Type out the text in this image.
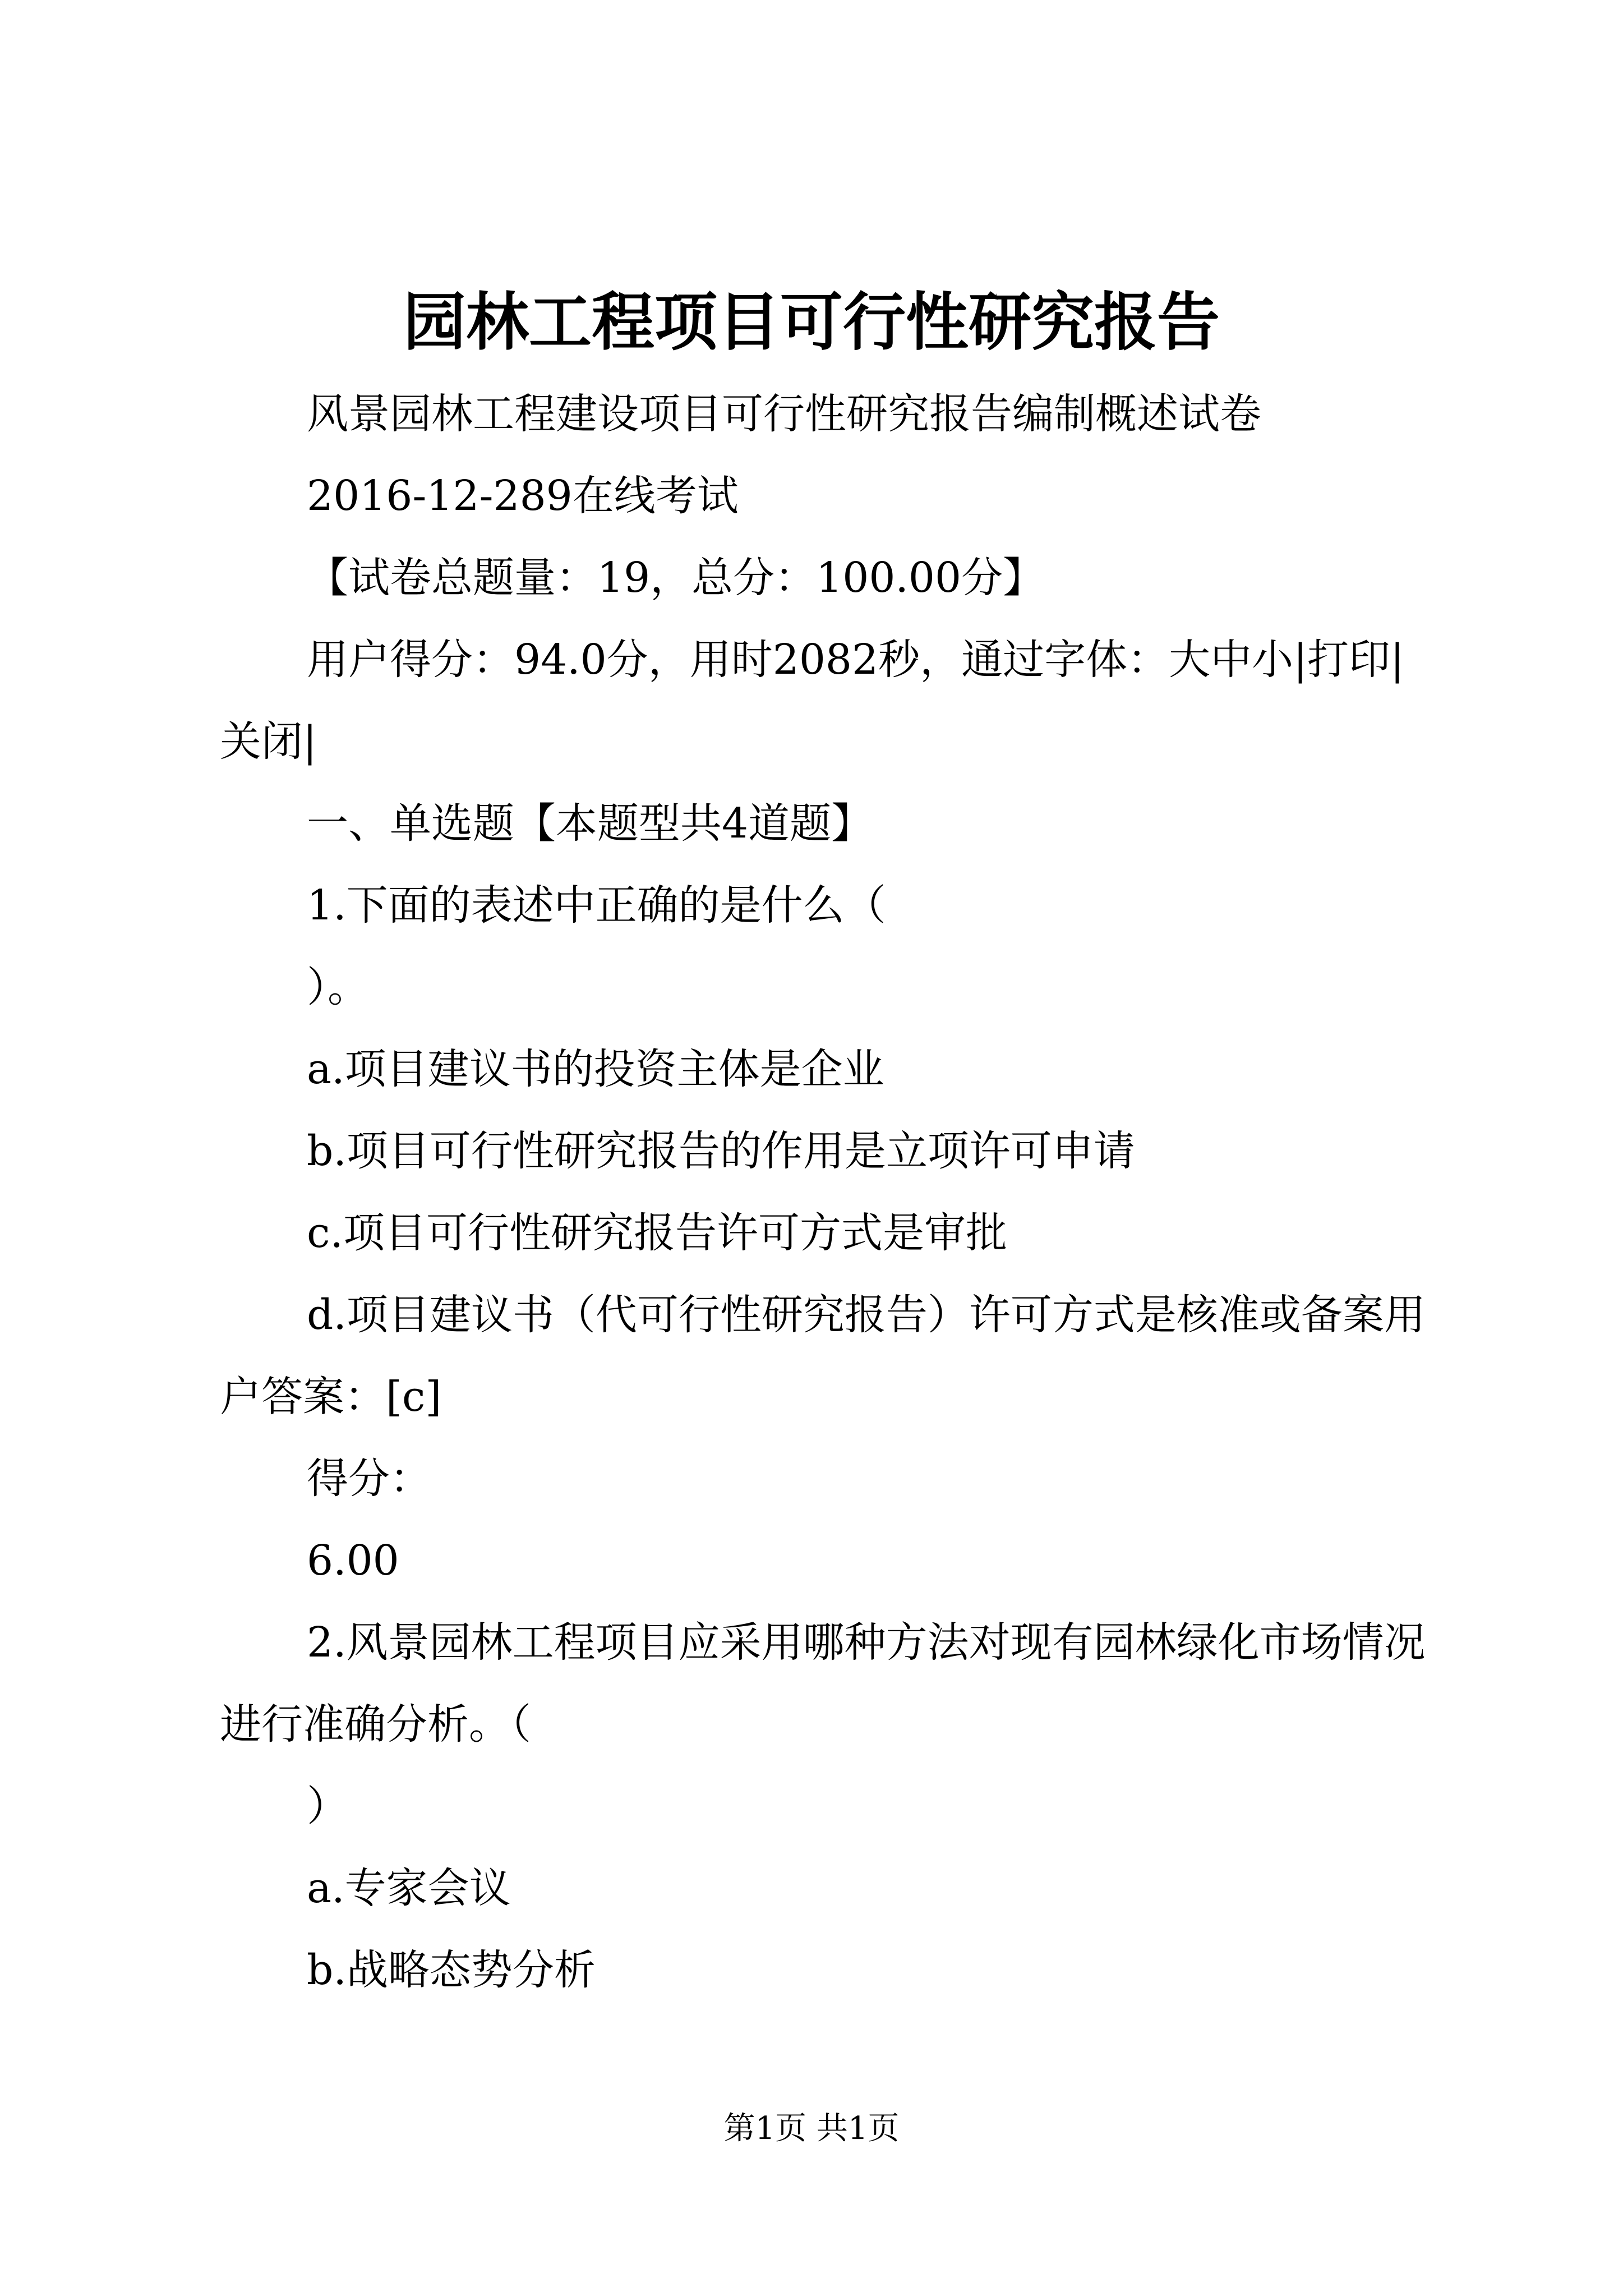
园林工程项目可行性研究报告

风景园林工程建设项目可行性研究报告编制概述试卷

2016-12-289在线考试

【试卷总题量：19，总分：100.00分】

用户得分：94.0分，用时2082秒，通过字体：大中小|打印|关闭|

一、单选题【本题型共4道题】

1.下面的表述中正确的是什么（

）。

a.项目建议书的投资主体是企业

b.项目可行性研究报告的作用是立项许可申请

c.项目可行性研究报告许可方式是审批

d.项目建议书（代可行性研究报告）许可方式是核准或备案用户答案：[c]

得分：

6.00

2.风景园林工程项目应采用哪种方法对现有园林绿化市场情况进行准确分析。（

）

a.专家会议

b.战略态势分析

第1页 共1页
